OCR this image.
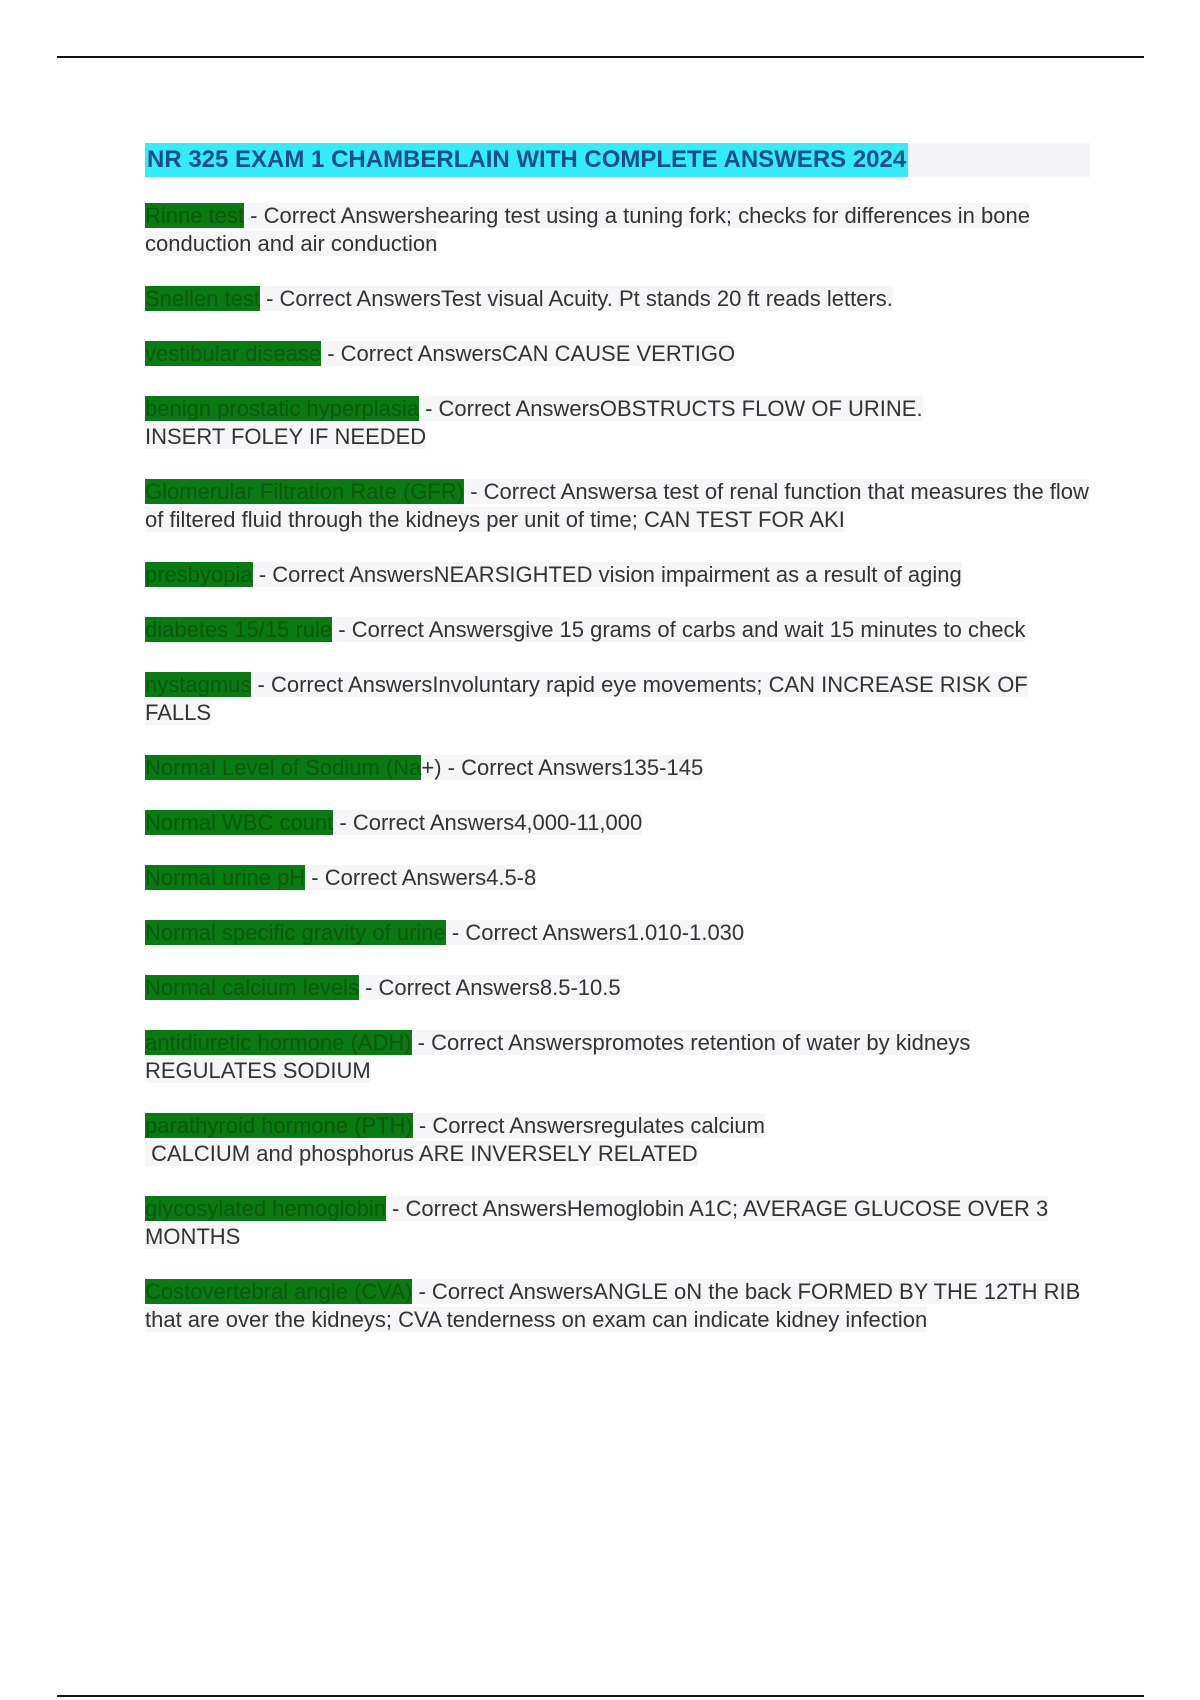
NR 325 EXAM 1 CHAMBERLAIN WITH COMPLETE ANSWERS 2024
Rinne test - Correct Answershearing test using a tuning fork; checks for differences in bone conduction and air conduction
Snellen test - Correct AnswersTest visual Acuity. Pt stands 20 ft reads letters.
vestibular disease - Correct AnswersCAN CAUSE VERTIGO
benign prostatic hyperplasia - Correct AnswersOBSTRUCTS FLOW OF URINE.
INSERT FOLEY IF NEEDED
Glomerular Filtration Rate (GFR) - Correct Answersa test of renal function that measures the flow of filtered fluid through the kidneys per unit of time; CAN TEST FOR AKI
presbyopia - Correct AnswersNEARSIGHTED vision impairment as a result of aging
diabetes 15/15 rule - Correct Answersgive 15 grams of carbs and wait 15 minutes to check
nystagmus - Correct AnswersInvoluntary rapid eye movements; CAN INCREASE RISK OF FALLS
Normal Level of Sodium (Na+) - Correct Answers135-145
Normal WBC count - Correct Answers4,000-11,000
Normal urine pH - Correct Answers4.5-8
Normal specific gravity of urine - Correct Answers1.010-1.030
Normal calcium levels - Correct Answers8.5-10.5
antidiuretic hormone (ADH) - Correct Answerspromotes retention of water by kidneys
REGULATES SODIUM
parathyroid hormone (PTH) - Correct Answersregulates calcium
CALCIUM and phosphorus ARE INVERSELY RELATED
glycosylated hemoglobin - Correct AnswersHemoglobin A1C; AVERAGE GLUCOSE OVER 3 MONTHS
Costovertebral angle (CVA) - Correct AnswersANGLE oN the back FORMED BY THE 12TH RIB that are over the kidneys; CVA tenderness on exam can indicate kidney infection
